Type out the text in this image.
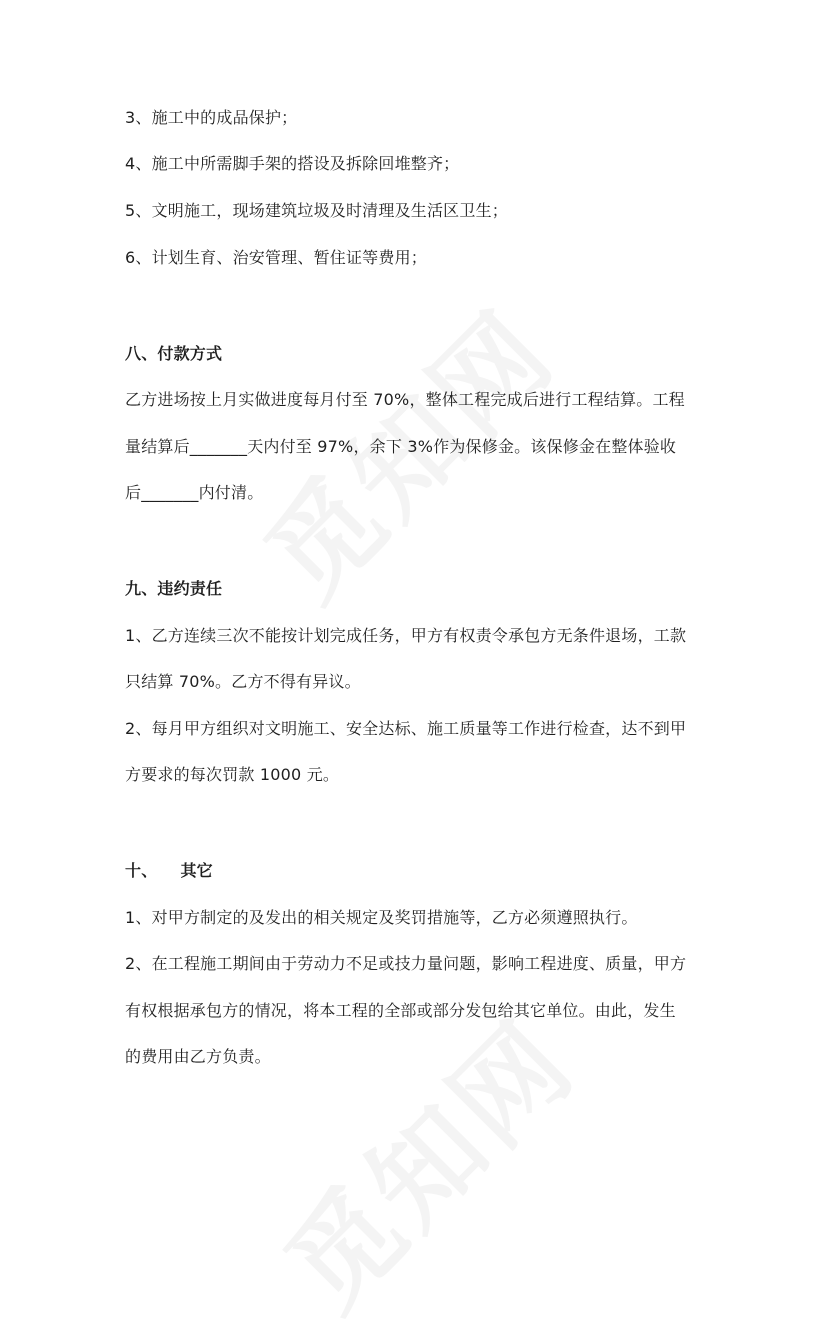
3、施工中的成品保护；
4、施工中所需脚手架的搭设及拆除回堆整齐；
5、文明施工，现场建筑垃圾及时清理及生活区卫生；
6、计划生育、治安管理、暂住证等费用；
八、付款方式
乙方进场按上月实做进度每月付至 70%，整体工程完成后进行工程结算。工程
量结算后_______天内付至 97%，余下 3%作为保修金。该保修金在整体验收
后_______内付清。
九、违约责任
1、乙方连续三次不能按计划完成任务，甲方有权责令承包方无条件退场，工款
只结算 70%。乙方不得有异议。
2、每月甲方组织对文明施工、安全达标、施工质量等工作进行检查，达不到甲
方要求的每次罚款 1000 元。
十、    其它
1、对甲方制定的及发出的相关规定及奖罚措施等，乙方必须遵照执行。
2、在工程施工期间由于劳动力不足或技力量问题，影响工程进度、质量，甲方
有权根据承包方的情况，将本工程的全部或部分发包给其它单位。由此，发生
的费用由乙方负责。
